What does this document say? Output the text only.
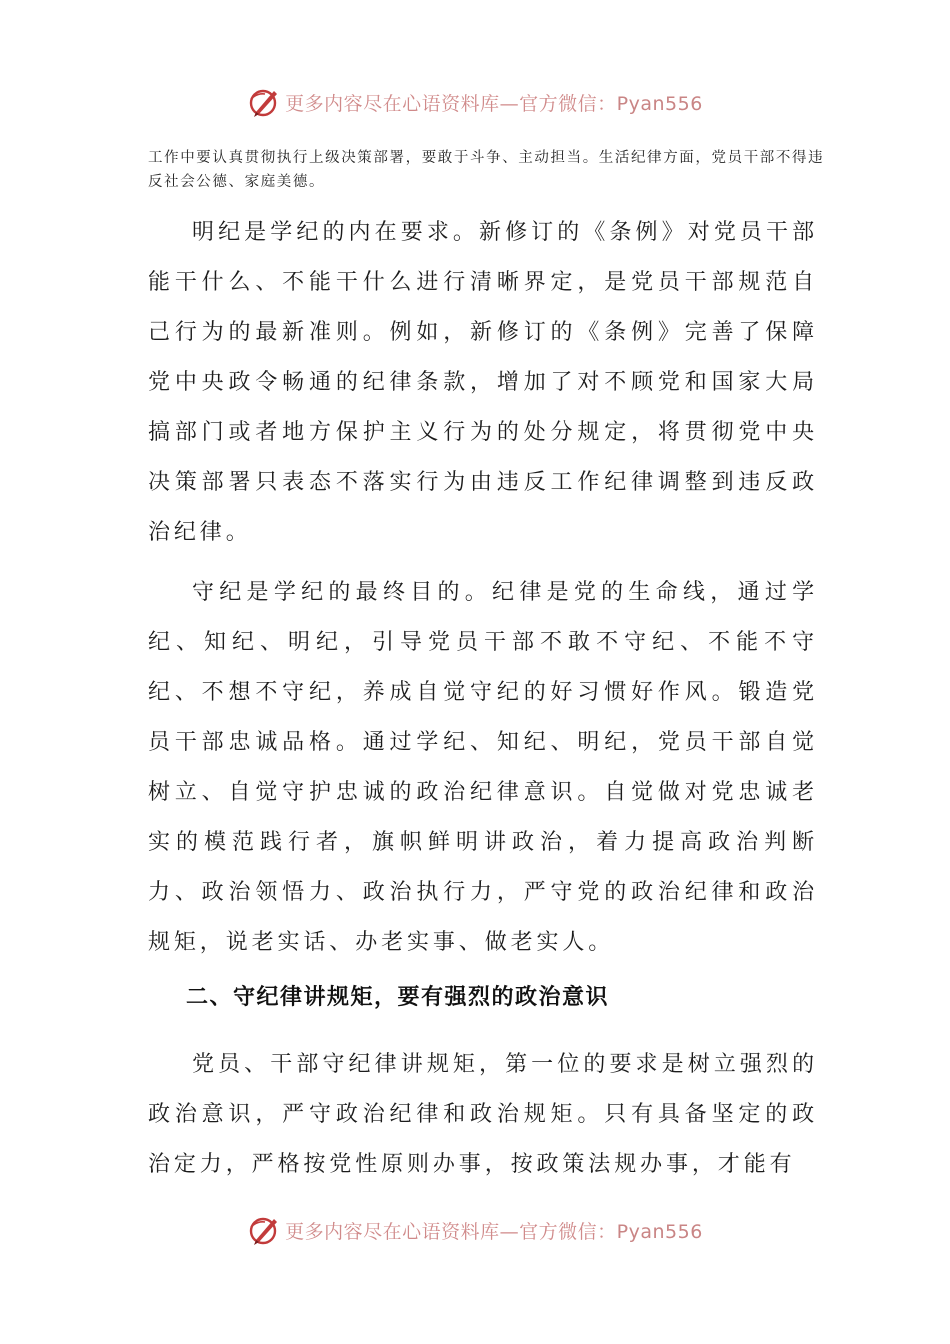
更多内容尽在心语资料库—官方微信：Pyan556
工作中要认真贯彻执行上级决策部署，要敢于斗争、主动担当。生活纪律方面，党员干部不得违反社会公德、家庭美德。
明纪是学纪的内在要求。新修订的《条例》对党员干部能干什么、不能干什么进行清晰界定，是党员干部规范自己行为的最新准则。例如，新修订的《条例》完善了保障党中央政令畅通的纪律条款，增加了对不顾党和国家大局搞部门或者地方保护主义行为的处分规定，将贯彻党中央决策部署只表态不落实行为由违反工作纪律调整到违反政治纪律。
守纪是学纪的最终目的。纪律是党的生命线，通过学纪、知纪、明纪，引导党员干部不敢不守纪、不能不守纪、不想不守纪，养成自觉守纪的好习惯好作风。锻造党员干部忠诚品格。通过学纪、知纪、明纪，党员干部自觉树立、自觉守护忠诚的政治纪律意识。自觉做对党忠诚老实的模范践行者，旗帜鲜明讲政治，着力提高政治判断力、政治领悟力、政治执行力，严守党的政治纪律和政治规矩，说老实话、办老实事、做老实人。
二、守纪律讲规矩，要有强烈的政治意识
党员、干部守纪律讲规矩，第一位的要求是树立强烈的政治意识，严守政治纪律和政治规矩。只有具备坚定的政治定力，严格按党性原则办事，按政策法规办事，才能有
更多内容尽在心语资料库—官方微信：Pyan556
